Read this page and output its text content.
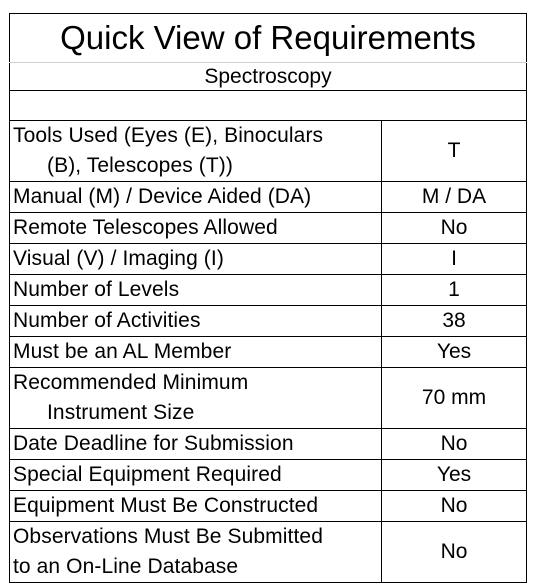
Quick View of Requirements	
Spectroscopy	

Tools Used (Eyes (E), Binoculars
(B), Telescopes (T))	T
Manual (M) / Device Aided (DA)	M / DA
Remote Telescopes Allowed	No
Visual (V) / Imaging (I)	I
Number of Levels	1
Number of Activities	38
Must be an AL Member	Yes

Recommended Minimum
Instrument Size	70 mm
Date Deadline for Submission	No
Special Equipment Required	Yes
Equipment Must Be Constructed	No

Observations Must Be Submitted
to an On-Line Database	No
